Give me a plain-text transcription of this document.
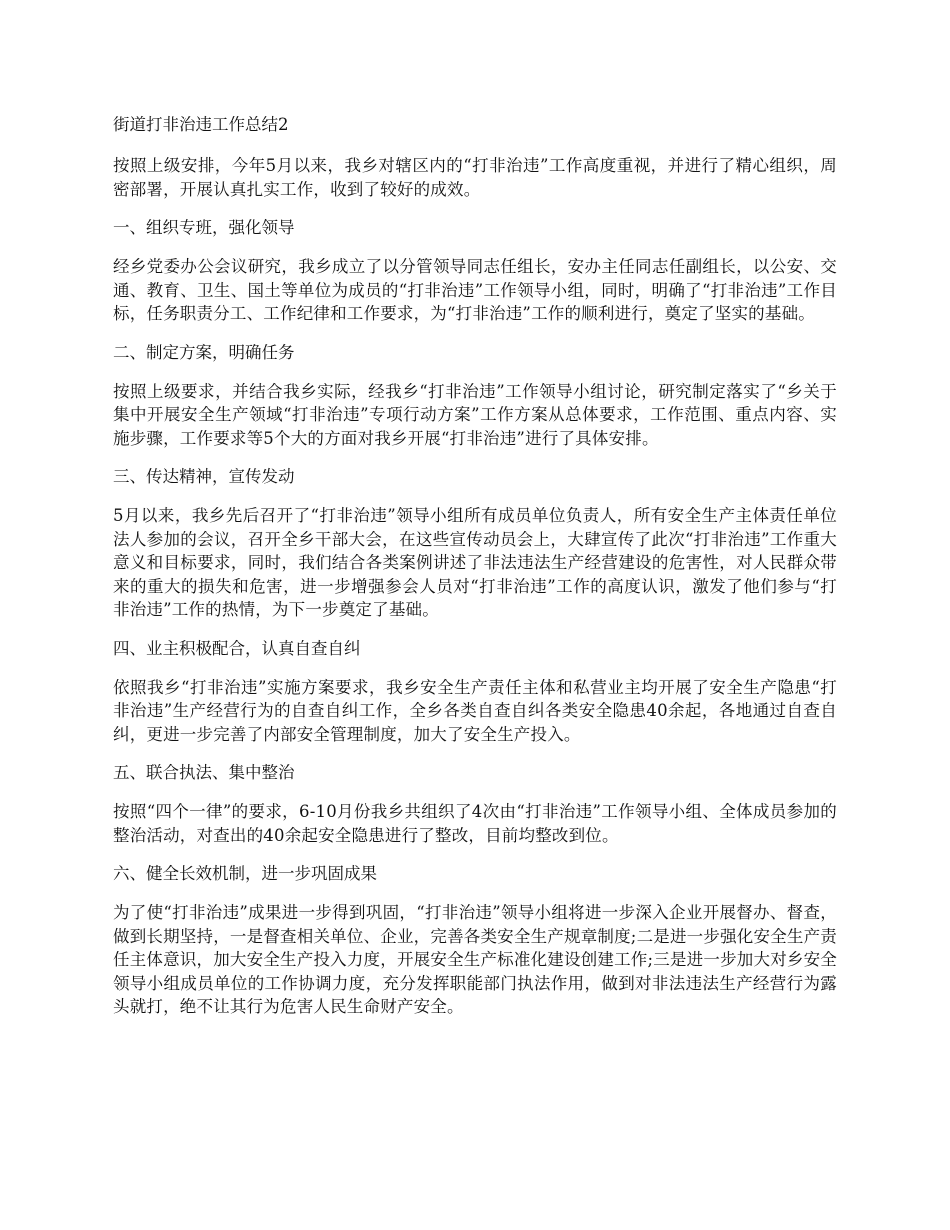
街道打非治违工作总结2

按照上级安排，今年5月以来，我乡对辖区内的“打非治违”工作高度重视，并进行了精心组织，周密部署，开展认真扎实工作，收到了较好的成效。

一、组织专班，强化领导

经乡党委办公会议研究，我乡成立了以分管领导同志任组长，安办主任同志任副组长，以公安、交通、教育、卫生、国土等单位为成员的“打非治违”工作领导小组，同时，明确了“打非治违”工作目标，任务职责分工、工作纪律和工作要求，为“打非治违”工作的顺利进行，奠定了坚实的基础。

二、制定方案，明确任务

按照上级要求，并结合我乡实际，经我乡“打非治违”工作领导小组讨论，研究制定落实了“乡关于集中开展安全生产领域“打非治违”专项行动方案”工作方案从总体要求，工作范围、重点内容、实施步骤，工作要求等5个大的方面对我乡开展“打非治违”进行了具体安排。

三、传达精神，宣传发动

5月以来，我乡先后召开了“打非治违”领导小组所有成员单位负责人，所有安全生产主体责任单位法人参加的会议，召开全乡干部大会，在这些宣传动员会上，大肆宣传了此次“打非治违”工作重大意义和目标要求，同时，我们结合各类案例讲述了非法违法生产经营建设的危害性，对人民群众带来的重大的损失和危害，进一步增强参会人员对“打非治违”工作的高度认识，激发了他们参与“打非治违”工作的热情，为下一步奠定了基础。

四、业主积极配合，认真自查自纠

依照我乡“打非治违”实施方案要求，我乡安全生产责任主体和私营业主均开展了安全生产隐患“打非治违”生产经营行为的自查自纠工作，全乡各类自查自纠各类安全隐患40余起，各地通过自查自纠，更进一步完善了内部安全管理制度，加大了安全生产投入。

五、联合执法、集中整治

按照“四个一律”的要求，6-10月份我乡共组织了4次由“打非治违”工作领导小组、全体成员参加的整治活动，对查出的40余起安全隐患进行了整改，目前均整改到位。

六、健全长效机制，进一步巩固成果

为了使“打非治违”成果进一步得到巩固，“打非治违”领导小组将进一步深入企业开展督办、督查，做到长期坚持，一是督查相关单位、企业，完善各类安全生产规章制度;二是进一步强化安全生产责任主体意识，加大安全生产投入力度，开展安全生产标准化建设创建工作;三是进一步加大对乡安全领导小组成员单位的工作协调力度，充分发挥职能部门执法作用，做到对非法违法生产经营行为露头就打，绝不让其行为危害人民生命财产安全。
